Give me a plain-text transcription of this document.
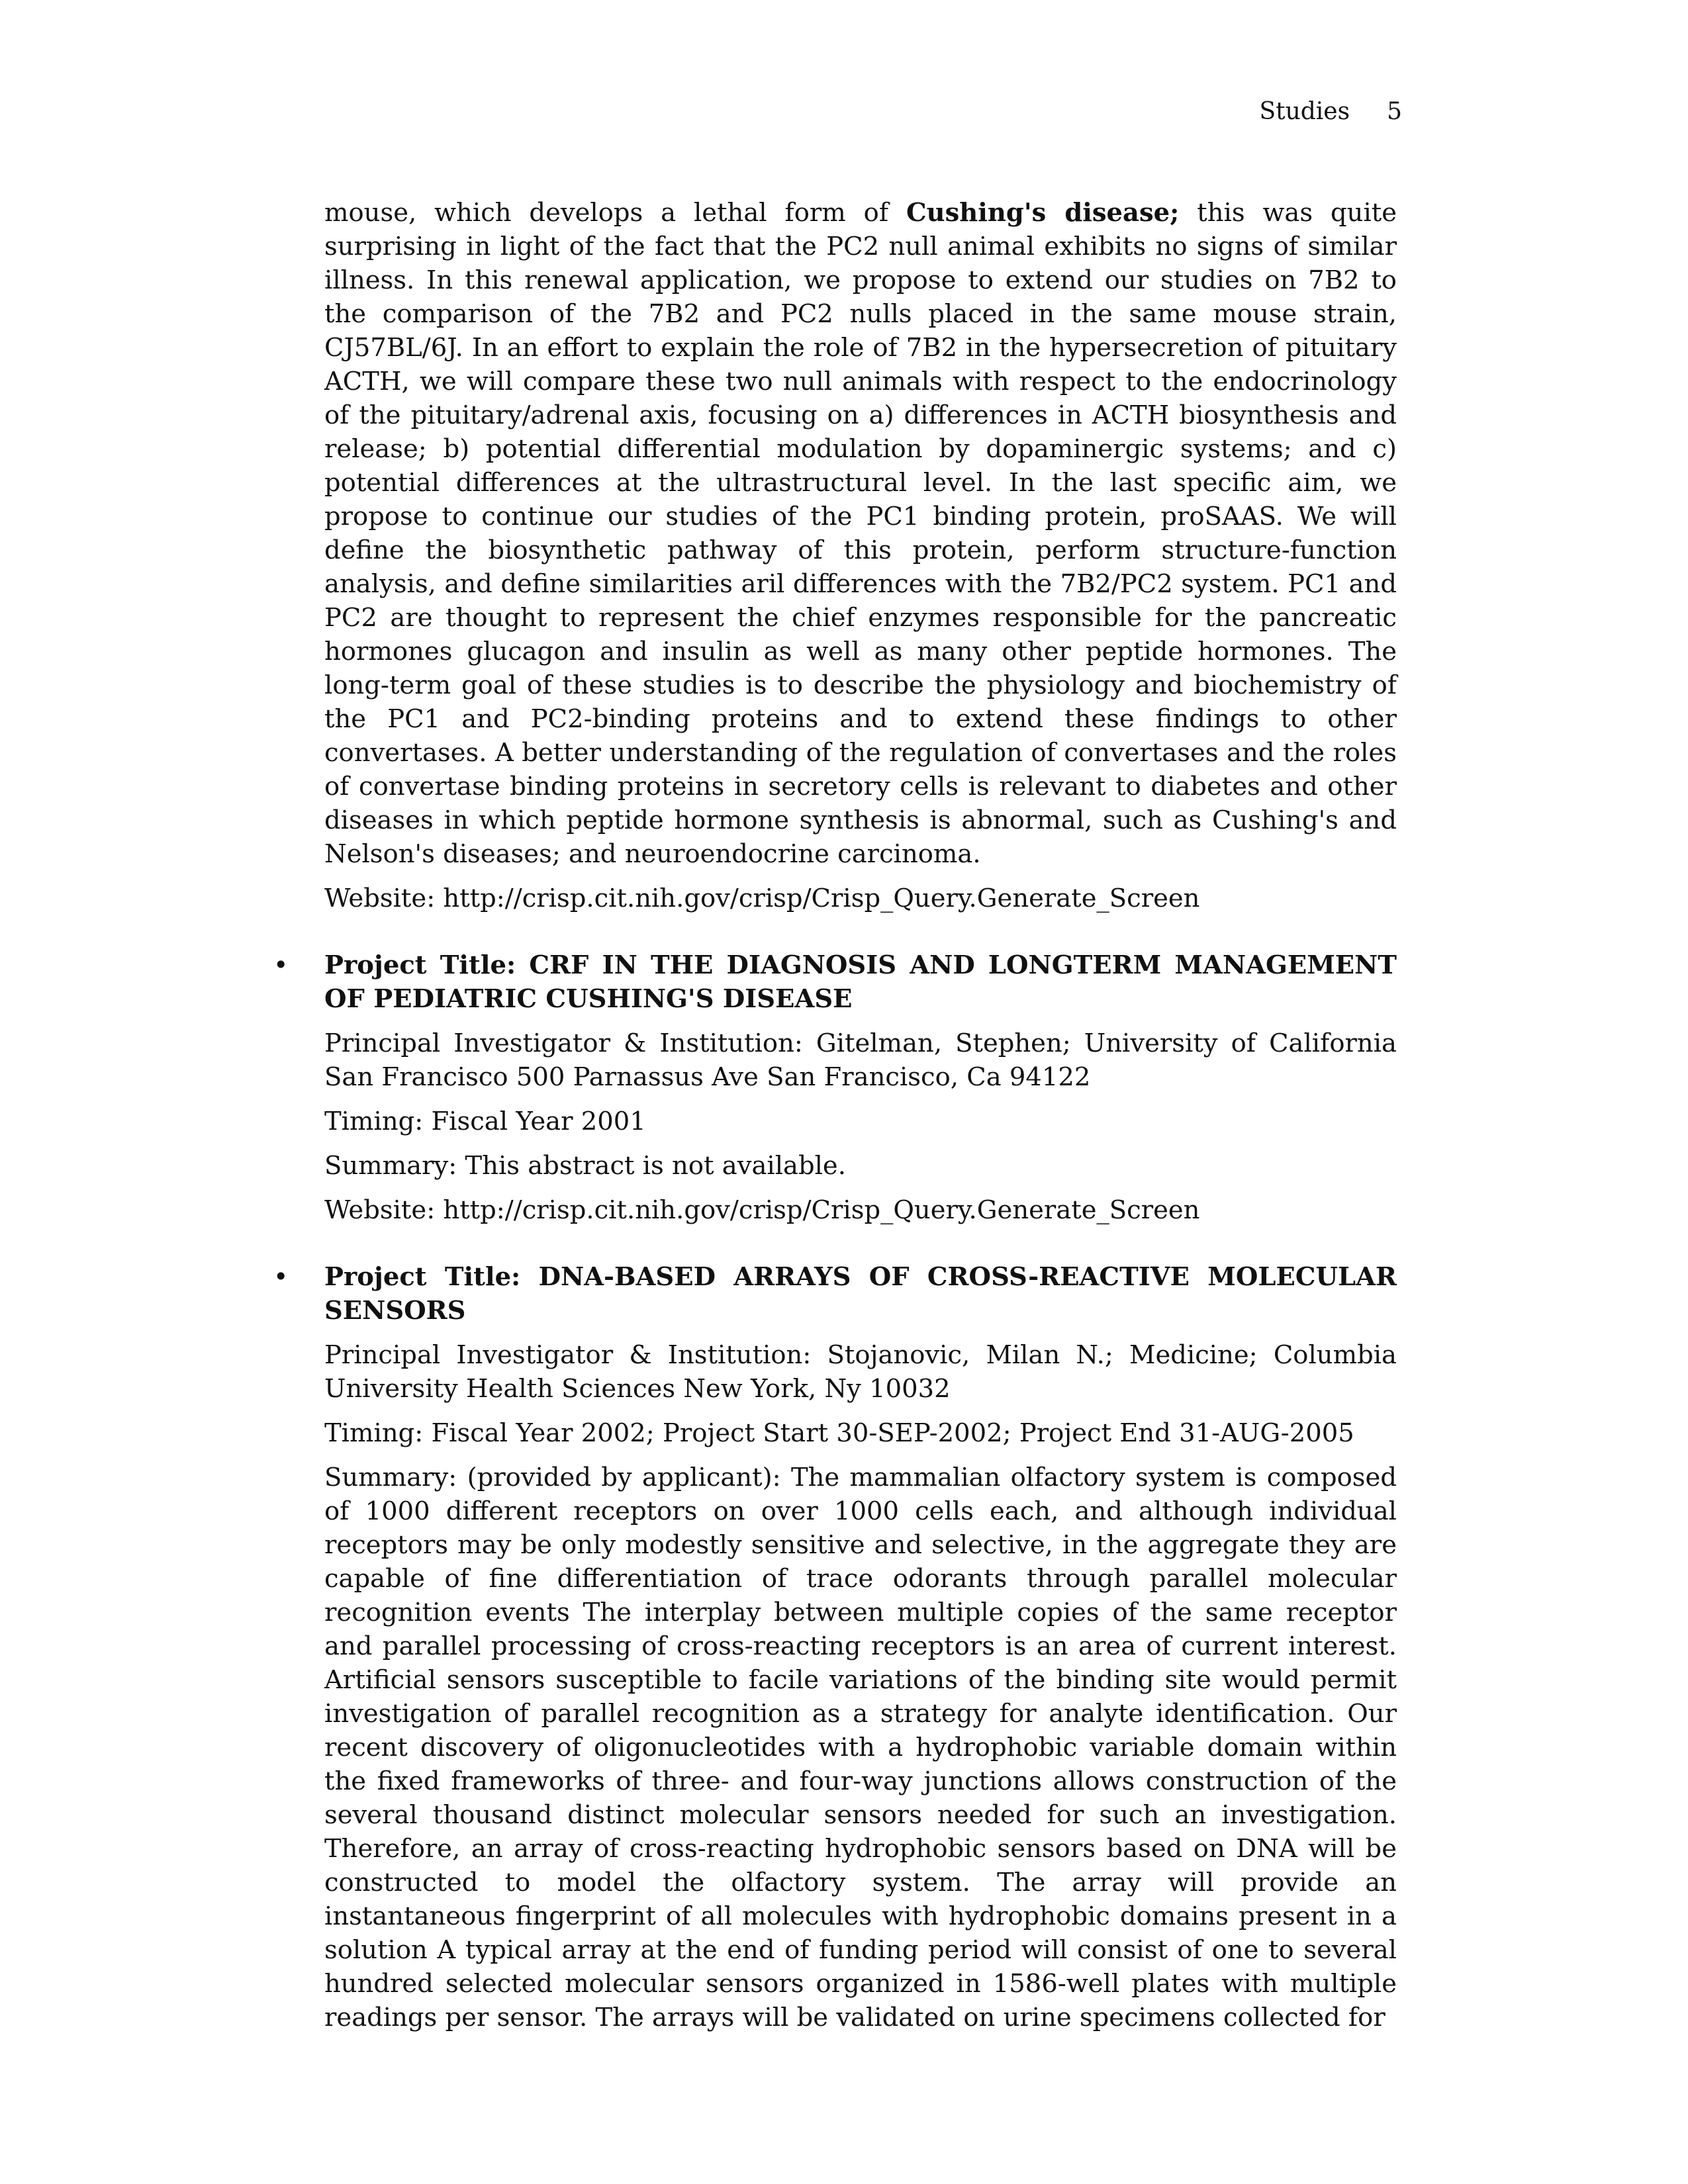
Studies 5

mouse, which develops a lethal form of Cushing's disease; this was quite surprising in light of the fact that the PC2 null animal exhibits no signs of similar illness. In this renewal application, we propose to extend our studies on 7B2 to the comparison of the 7B2 and PC2 nulls placed in the same mouse strain, CJ57BL/6J. In an effort to explain the role of 7B2 in the hypersecretion of pituitary ACTH, we will compare these two null animals with respect to the endocrinology of the pituitary/adrenal axis, focusing on a) differences in ACTH biosynthesis and release; b) potential differential modulation by dopaminergic systems; and c) potential differences at the ultrastructural level. In the last specific aim, we propose to continue our studies of the PC1 binding protein, proSAAS. We will define the biosynthetic pathway of this protein, perform structure-function analysis, and define similarities aril differences with the 7B2/PC2 system. PC1 and PC2 are thought to represent the chief enzymes responsible for the pancreatic hormones glucagon and insulin as well as many other peptide hormones. The long-term goal of these studies is to describe the physiology and biochemistry of the PC1 and PC2-binding proteins and to extend these findings to other convertases. A better understanding of the regulation of convertases and the roles of convertase binding proteins in secretory cells is relevant to diabetes and other diseases in which peptide hormone synthesis is abnormal, such as Cushing's and Nelson's diseases; and neuroendocrine carcinoma.

Website: http://crisp.cit.nih.gov/crisp/Crisp_Query.Generate_Screen

• Project Title: CRF IN THE DIAGNOSIS AND LONGTERM MANAGEMENT OF PEDIATRIC CUSHING'S DISEASE

Principal Investigator & Institution: Gitelman, Stephen; University of California San Francisco 500 Parnassus Ave San Francisco, Ca 94122

Timing: Fiscal Year 2001

Summary: This abstract is not available.

Website: http://crisp.cit.nih.gov/crisp/Crisp_Query.Generate_Screen

• Project Title: DNA-BASED ARRAYS OF CROSS-REACTIVE MOLECULAR SENSORS

Principal Investigator & Institution: Stojanovic, Milan N.; Medicine; Columbia University Health Sciences New York, Ny 10032

Timing: Fiscal Year 2002; Project Start 30-SEP-2002; Project End 31-AUG-2005

Summary: (provided by applicant): The mammalian olfactory system is composed of 1000 different receptors on over 1000 cells each, and although individual receptors may be only modestly sensitive and selective, in the aggregate they are capable of fine differentiation of trace odorants through parallel molecular recognition events The interplay between multiple copies of the same receptor and parallel processing of cross-reacting receptors is an area of current interest. Artificial sensors susceptible to facile variations of the binding site would permit investigation of parallel recognition as a strategy for analyte identification. Our recent discovery of oligonucleotides with a hydrophobic variable domain within the fixed frameworks of three- and four-way junctions allows construction of the several thousand distinct molecular sensors needed for such an investigation. Therefore, an array of cross-reacting hydrophobic sensors based on DNA will be constructed to model the olfactory system. The array will provide an instantaneous fingerprint of all molecules with hydrophobic domains present in a solution A typical array at the end of funding period will consist of one to several hundred selected molecular sensors organized in 1586-well plates with multiple readings per sensor. The arrays will be validated on urine specimens collected for
